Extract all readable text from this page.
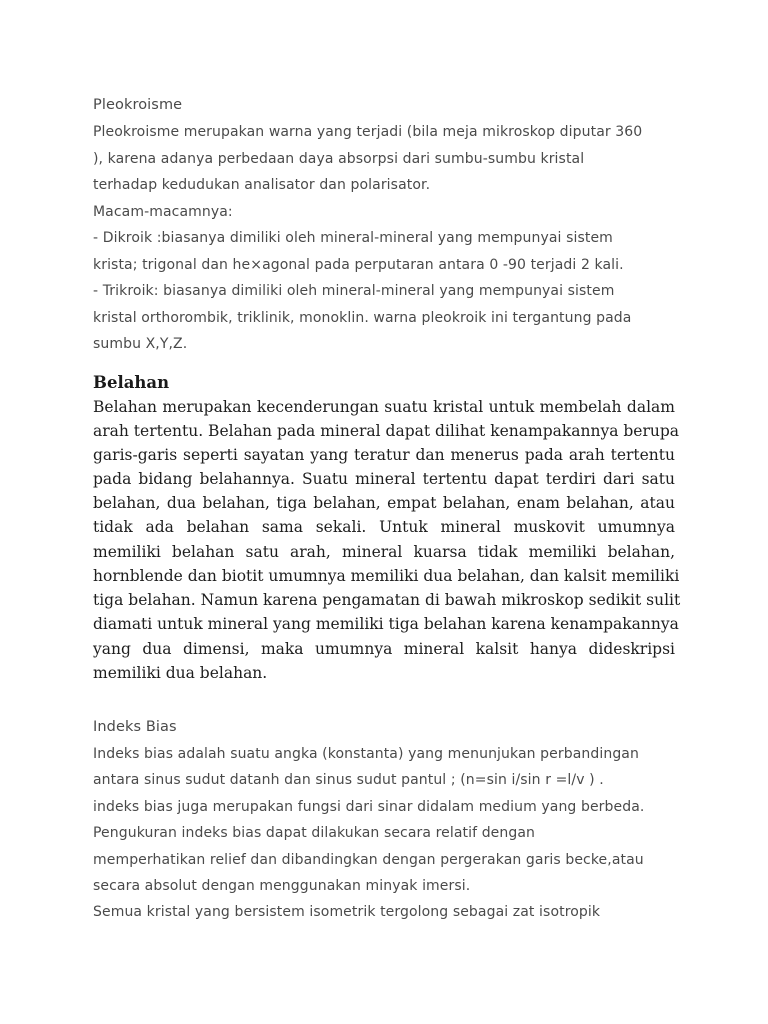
Pleokroisme
Pleokroisme merupakan warna yang terjadi (bila meja mikroskop diputar 360
), karena adanya perbedaan daya absorpsi dari sumbu-sumbu kristal
terhadap kedudukan analisator dan polarisator.
Macam-macamnya:
- Dikroik :biasanya dimiliki oleh mineral-mineral yang mempunyai sistem
krista; trigonal dan he×agonal pada perputaran antara 0 -90 terjadi 2 kali.
- Trikroik: biasanya dimiliki oleh mineral-mineral yang mempunyai sistem
kristal orthorombik, triklinik, monoklin. warna pleokroik ini tergantung pada
sumbu X,Y,Z.
Belahan
Belahan merupakan kecenderungan suatu kristal untuk membelah dalam
arah tertentu. Belahan pada mineral dapat dilihat kenampakannya berupa
garis-garis seperti sayatan yang teratur dan menerus pada arah tertentu
pada bidang belahannya. Suatu mineral tertentu dapat terdiri dari satu
belahan, dua belahan, tiga belahan, empat belahan, enam belahan, atau
tidak ada belahan sama sekali. Untuk mineral muskovit umumnya
memiliki belahan satu arah, mineral kuarsa tidak memiliki belahan,
hornblende dan biotit umumnya memiliki dua belahan, dan kalsit memiliki
tiga belahan. Namun karena pengamatan di bawah mikroskop sedikit sulit
diamati untuk mineral yang memiliki tiga belahan karena kenampakannya
yang dua dimensi, maka umumnya mineral kalsit hanya dideskripsi
memiliki dua belahan.
Indeks Bias
Indeks bias adalah suatu angka (konstanta) yang menunjukan perbandingan
antara sinus sudut datanh dan sinus sudut pantul ; (n=sin i/sin r =l/v ) .
indeks bias juga merupakan fungsi dari sinar didalam medium yang berbeda.
Pengukuran indeks bias dapat dilakukan secara relatif dengan
memperhatikan relief dan dibandingkan dengan pergerakan garis becke,atau
secara absolut dengan menggunakan minyak imersi.
Semua kristal yang bersistem isometrik tergolong sebagai zat isotropik
